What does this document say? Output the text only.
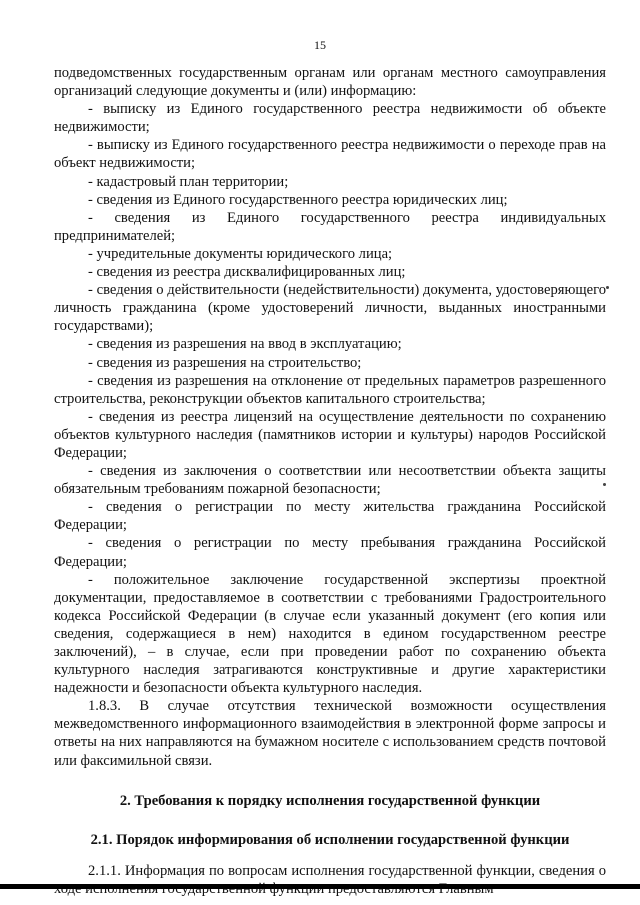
15

подведомственных государственным органам или органам местного самоуправления организаций следующие документы и (или) информацию:

- выписку из Единого государственного реестра недвижимости об объекте недвижимости;

- выписку из Единого государственного реестра недвижимости о переходе прав на объект недвижимости;

- кадастровый план территории;

- сведения из Единого государственного реестра юридических лиц;

- сведения из Единого государственного реестра индивидуальных предпринимателей;

- учредительные документы юридического лица;

- сведения из реестра дисквалифицированных лиц;

- сведения о действительности (недействительности) документа, удостоверяющего личность гражданина (кроме удостоверений личности, выданных иностранными государствами);

- сведения из разрешения на ввод в эксплуатацию;

- сведения из разрешения на строительство;

- сведения из разрешения на отклонение от предельных параметров разрешенного строительства, реконструкции объектов капитального строительства;

- сведения из реестра лицензий на осуществление деятельности по сохранению объектов культурного наследия (памятников истории и культуры) народов Российской Федерации;

- сведения из заключения о соответствии или несоответствии объекта защиты обязательным требованиям пожарной безопасности;

- сведения о регистрации по месту жительства гражданина Российской Федерации;

- сведения о регистрации по месту пребывания гражданина Российской Федерации;

- положительное заключение государственной экспертизы проектной документации, предоставляемое в соответствии с требованиями Градостроительного кодекса Российской Федерации (в случае если указанный документ (его копия или сведения, содержащиеся в нем) находится в едином государственном реестре заключений), – в случае, если при проведении работ по сохранению объекта культурного наследия затрагиваются конструктивные и другие характеристики надежности и безопасности объекта культурного наследия.

1.8.3. В случае отсутствия технической возможности осуществления межведомственного информационного взаимодействия в электронной форме запросы и ответы на них направляются на бумажном носителе с использованием средств почтовой или факсимильной связи.

2. Требования к порядку исполнения государственной функции

2.1. Порядок информирования об исполнении государственной функции

2.1.1. Информация по вопросам исполнения государственной функции, сведения о
